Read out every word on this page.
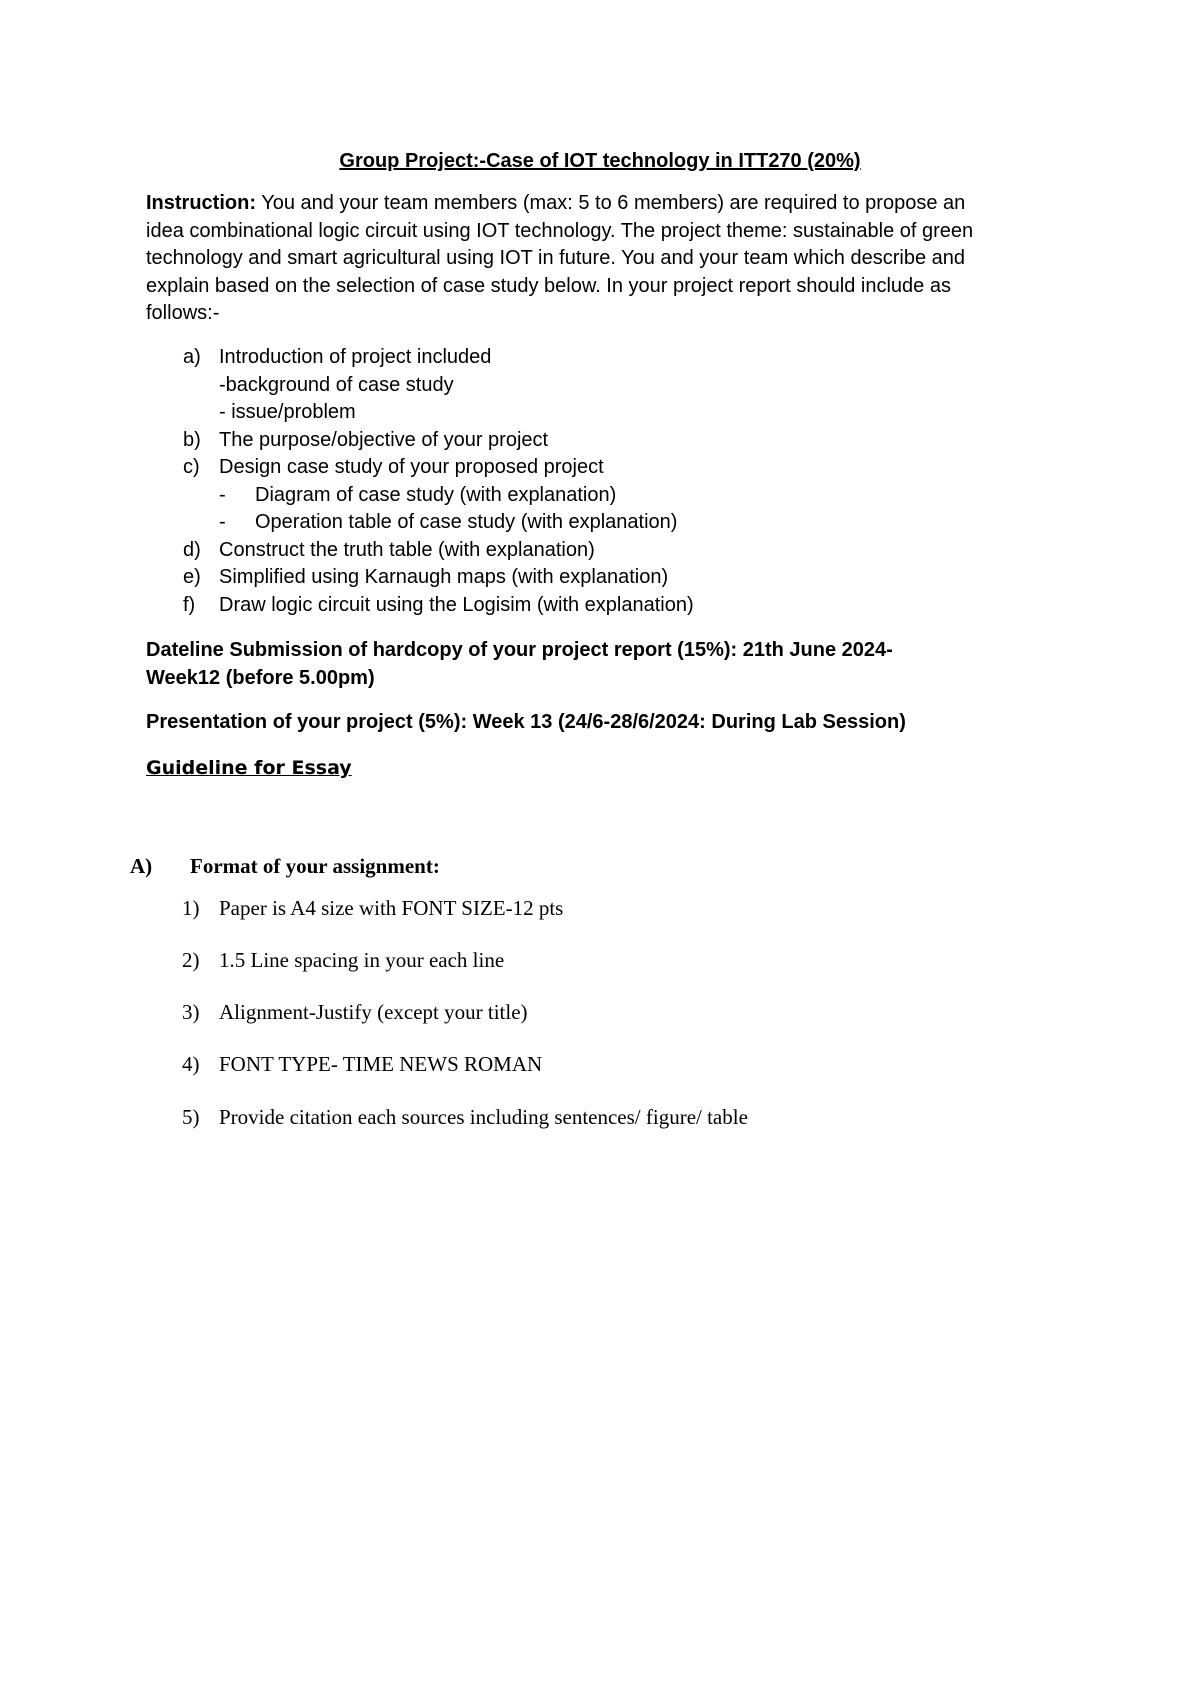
Group Project:-Case of IOT technology in ITT270 (20%)
Instruction: You and your team members (max: 5 to 6 members) are required to propose an
idea combinational logic circuit using IOT technology. The project theme: sustainable of green
technology and smart agricultural using IOT in future. You and your team which describe and
explain based on the selection of case study below. In your project report should include as
follows:-
a) Introduction of project included
-background of case study
- issue/problem
b) The purpose/objective of your project
c) Design case study of your proposed project
- Diagram of case study (with explanation)
- Operation table of case study (with explanation)
d) Construct the truth table (with explanation)
e) Simplified using Karnaugh maps (with explanation)
f) Draw logic circuit using the Logisim (with explanation)
Dateline Submission of hardcopy of your project report (15%): 21th June 2024-
Week12 (before 5.00pm)
Presentation of your project (5%): Week 13 (24/6-28/6/2024: During Lab Session)
Guideline for Essay
A) Format of your assignment:
1) Paper is A4 size with FONT SIZE-12 pts
2) 1.5 Line spacing in your each line
3) Alignment-Justify (except your title)
4) FONT TYPE- TIME NEWS ROMAN
5) Provide citation each sources including sentences/ figure/ table
